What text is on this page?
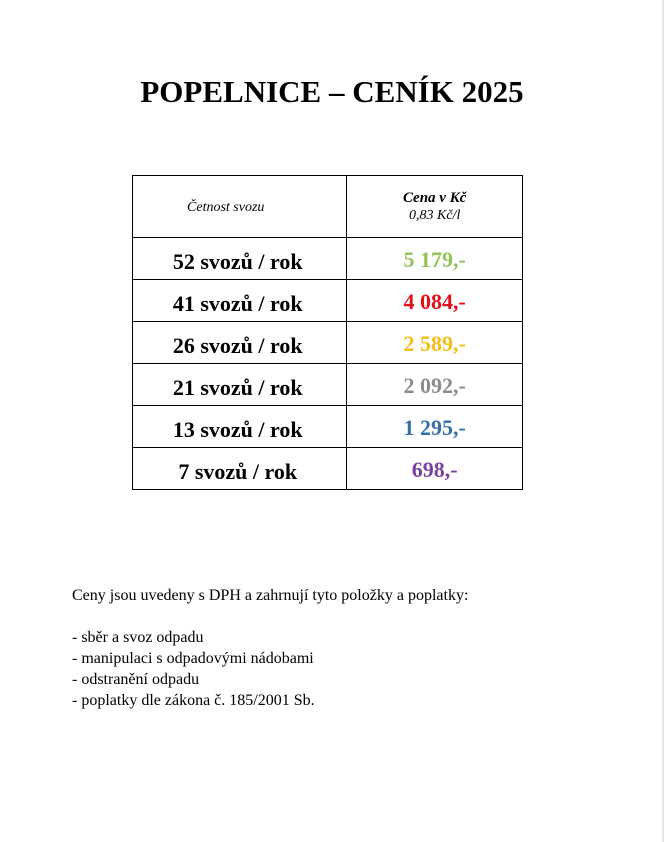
POPELNICE – CENÍK 2025
Četnost svozu	Cena v Kč
0,83 Kč/l

52 svozů / rok	5 179,-
41 svozů / rok	4 084,-
26 svozů / rok	2 589,-
21 svozů / rok	2 092,-
13 svozů / rok	1 295,-
7 svozů / rok	698,-

Ceny jsou uvedeny s DPH a zahrnují tyto položky a poplatky:

- sběr a svoz odpadu
- manipulaci s odpadovými nádobami
- odstranění odpadu
- poplatky dle zákona č. 185/2001 Sb.
